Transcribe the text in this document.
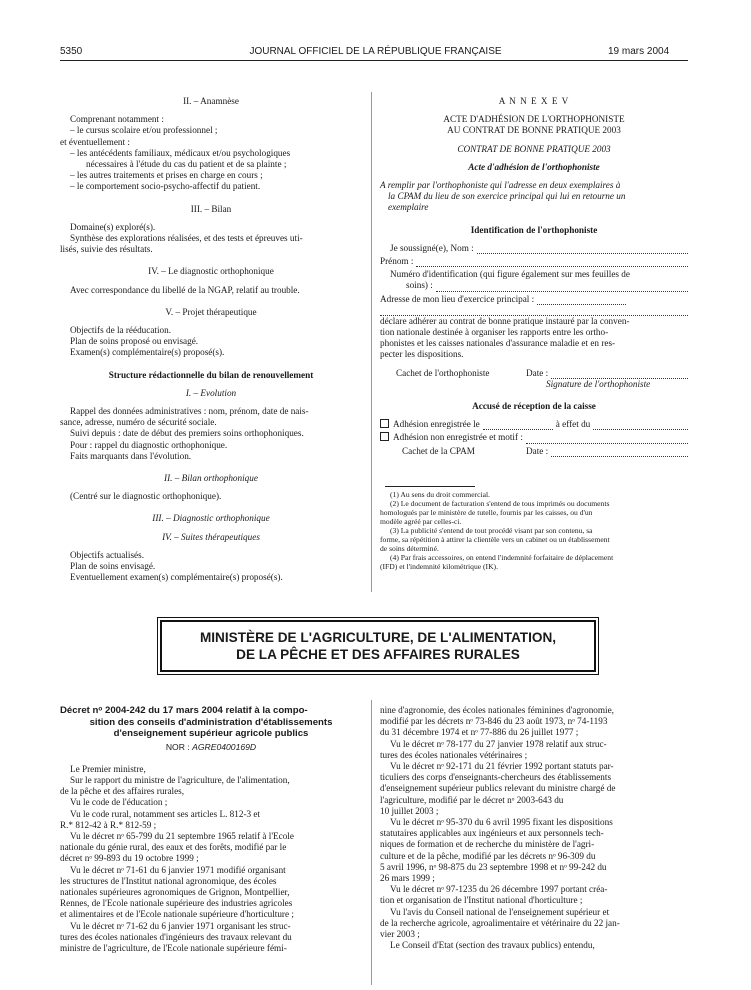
5350	JOURNAL OFFICIEL DE LA RÉPUBLIQUE FRANÇAISE	19 mars 2004
II. – Anamnèse
Comprenant notamment :
– le cursus scolaire et/ou professionnel ;
et éventuellement :
– les antécédents familiaux, médicaux et/ou psychologiques
nécessaires à l'étude du cas du patient et de sa plainte ;
– les autres traitements et prises en charge en cours ;
– le comportement socio-psycho-affectif du patient.
III. – Bilan
Domaine(s) exploré(s).
Synthèse des explorations réalisées, et des tests et épreuves uti-
lisés, suivie des résultats.
IV. – Le diagnostic orthophonique
Avec correspondance du libellé de la NGAP, relatif au trouble.
V. – Projet thérapeutique
Objectifs de la rééducation.
Plan de soins proposé ou envisagé.
Examen(s) complémentaire(s) proposé(s).
Structure rédactionnelle du bilan de renouvellement
I. – Evolution
Rappel des données administratives : nom, prénom, date de nais-
sance, adresse, numéro de sécurité sociale.
Suivi depuis : date de début des premiers soins orthophoniques.
Pour : rappel du diagnostic orthophonique.
Faits marquants dans l'évolution.
II. – Bilan orthophonique
(Centré sur le diagnostic orthophonique).
III. – Diagnostic orthophonique
IV. – Suites thérapeutiques
Objectifs actualisés.
Plan de soins envisagé.
Eventuellement examen(s) complémentaire(s) proposé(s).
A N N E X E V
ACTE D'ADHÉSION DE L'ORTHOPHONISTE
AU CONTRAT DE BONNE PRATIQUE 2003
CONTRAT DE BONNE PRATIQUE 2003
Acte d'adhésion de l'orthophoniste
A remplir par l'orthophoniste qui l'adresse en deux exemplaires à
la CPAM du lieu de son exercice principal qui lui en retourne un
exemplaire
Identification de l'orthophoniste
Je soussigné(e), Nom :
Prénom :
Numéro d'identification (qui figure également sur mes feuilles de
soins) :
Adresse de mon lieu d'exercice principal :
déclare adhérer au contrat de bonne pratique instauré par la conven-
tion nationale destinée à organiser les rapports entre les ortho-
phonistes et les caisses nationales d'assurance maladie et en res-
pecter les dispositions.
Cachet de l'orthophoniste	Date :
Signature de l'orthophoniste
Accusé de réception de la caisse
Adhésion enregistrée le	à effet du
Adhésion non enregistrée et motif :
Cachet de la CPAM	Date :
(1) Au sens du droit commercial.
(2) Le document de facturation s'entend de tous imprimés ou documents
homologués par le ministère de tutelle, fournis par les caisses, ou d'un
modèle agréé par celles-ci.
(3) La publicité s'entend de tout procédé visant par son contenu, sa
forme, sa répétition à attirer la clientèle vers un cabinet ou un établissement
de soins déterminé.
(4) Par frais accessoires, on entend l'indemnité forfaitaire de déplacement
(IFD) et l'indemnité kilométrique (IK).
MINISTÈRE DE L'AGRICULTURE, DE L'ALIMENTATION,
DE LA PÊCHE ET DES AFFAIRES RURALES
Décret nᵒ 2004-242 du 17 mars 2004 relatif à la compo-
sition des conseils d'administration d'établissements
d'enseignement supérieur agricole publics
NOR : AGRE0400169D
Le Premier ministre,
Sur le rapport du ministre de l'agriculture, de l'alimentation,
de la pêche et des affaires rurales,
Vu le code de l'éducation ;
Vu le code rural, notamment ses articles L. 812-3 et
R.* 812-42 à R.* 812-59 ;
Vu le décret nᵒ 65-799 du 21 septembre 1965 relatif à l'Ecole
nationale du génie rural, des eaux et des forêts, modifié par le
décret nᵒ 99-893 du 19 octobre 1999 ;
Vu le décret nᵒ 71-61 du 6 janvier 1971 modifié organisant
les structures de l'Institut national agronomique, des écoles
nationales supérieures agronomiques de Grignon, Montpellier,
Rennes, de l'Ecole nationale supérieure des industries agricoles
et alimentaires et de l'Ecole nationale supérieure d'horticulture ;
Vu le décret nᵒ 71-62 du 6 janvier 1971 organisant les struc-
tures des écoles nationales d'ingénieurs des travaux relevant du
ministre de l'agriculture, de l'Ecole nationale supérieure fémi-
nine d'agronomie, des écoles nationales féminines d'agronomie,
modifié par les décrets nᵒ 73-846 du 23 août 1973, nᵒ 74-1193
du 31 décembre 1974 et nᵒ 77-886 du 26 juillet 1977 ;
Vu le décret nᵒ 78-177 du 27 janvier 1978 relatif aux struc-
tures des écoles nationales vétérinaires ;
Vu le décret nᵒ 92-171 du 21 février 1992 portant statuts par-
ticuliers des corps d'enseignants-chercheurs des établissements
d'enseignement supérieur publics relevant du ministre chargé de
l'agriculture, modifié par le décret nᵒ 2003-643 du
10 juillet 2003 ;
Vu le décret nᵒ 95-370 du 6 avril 1995 fixant les dispositions
statutaires applicables aux ingénieurs et aux personnels tech-
niques de formation et de recherche du ministère de l'agri-
culture et de la pêche, modifié par les décrets nᵒ 96-309 du
5 avril 1996, nᵒ 98-875 du 23 septembre 1998 et nᵒ 99-242 du
26 mars 1999 ;
Vu le décret nᵒ 97-1235 du 26 décembre 1997 portant créa-
tion et organisation de l'Institut national d'horticulture ;
Vu l'avis du Conseil national de l'enseignement supérieur et
de la recherche agricole, agroalimentaire et vétérinaire du 22 jan-
vier 2003 ;
Le Conseil d'Etat (section des travaux publics) entendu,
